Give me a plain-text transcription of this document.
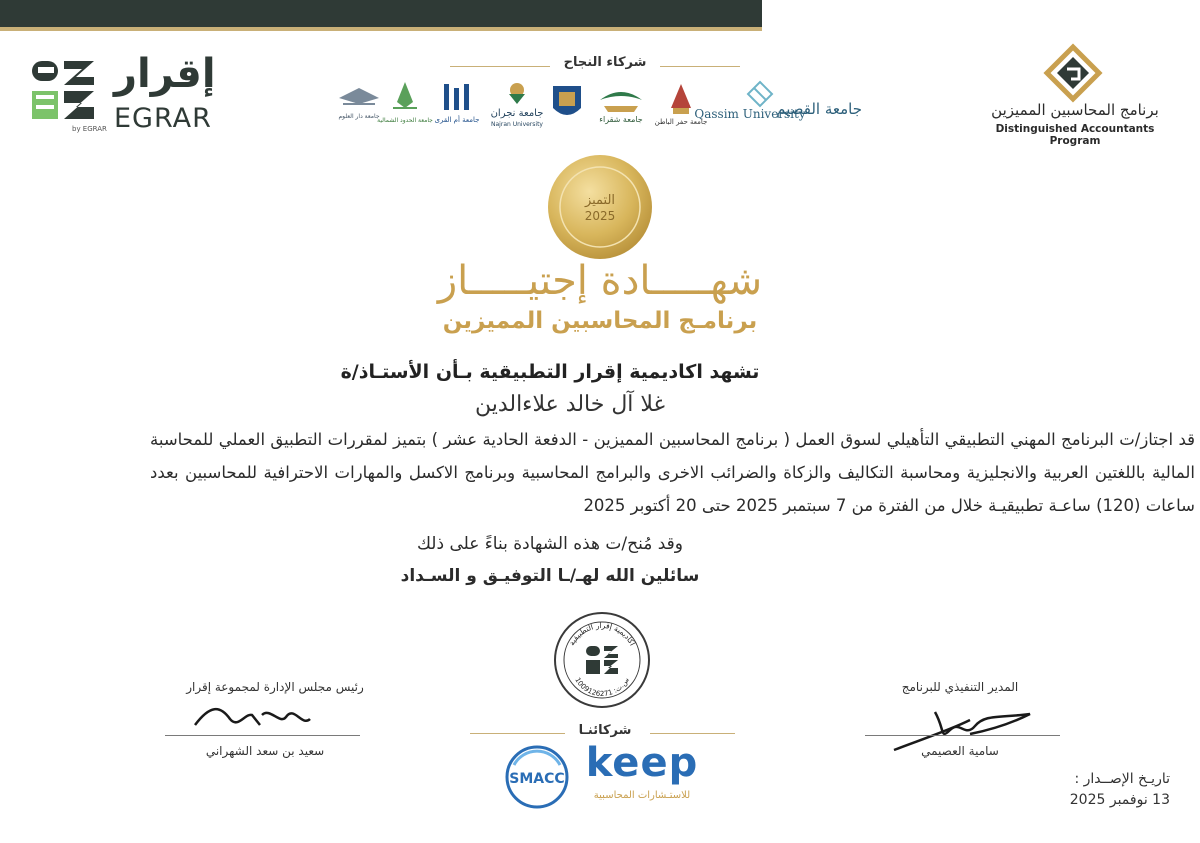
by EGRAR
إقرار
EGRAR
شركاء النجاح
جامعة القصيم
Qassim University
جامعة حفر الباطن
جامعة شقراء
جامعة نجران
Najran University
جامعة أم القرى
جامعة الحدود الشمالية
جامعة دار العلوم	برنامج المحاسبين المميزين
Distinguished Accountants Program
التميز
2025
شهـــــادة إجتيـــــاز
برنامـج المحاسبين المميزين
تشهد اكاديمية إقرار التطبيقية بـأن الأستـاذ/ة
غلا آل خالد علاءالدين
قد اجتاز/ت البرنامج المهني التطبيقي التأهيلي لسوق العمل ( برنامج المحاسبين المميزين - الدفعة الحادية عشر ) بتميز لمقررات التطبيق العملي للمحاسبة المالية باللغتين العربية والانجليزية ومحاسبة التكاليف والزكاة والضرائب الاخرى والبرامج المحاسبية وبرنامج الاكسل والمهارات الاحترافية للمحاسبين بعدد ساعات (120) ساعـة تطبيقيـة خلال من الفترة من 7 سبتمبر 2025 حتى 20 أكتوبر 2025
وقد مُنح/ت هذه الشهادة بناءً على ذلك
سائلين الله لهـ/ـا التوفيـق و السـداد
اكاديمية إقرار التطبيقية
س.ت: 1009126271
رئيس مجلس الإدارة لمجموعة إقرار
سعيد بن سعد الشهراني
المدير التنفيذي للبرنامج
سامية العصيمي
شركائنـا
SMACC keep
للاستـشارات المحاسبية
تاريـخ الإصــدار :
13 نوفمبر 2025
